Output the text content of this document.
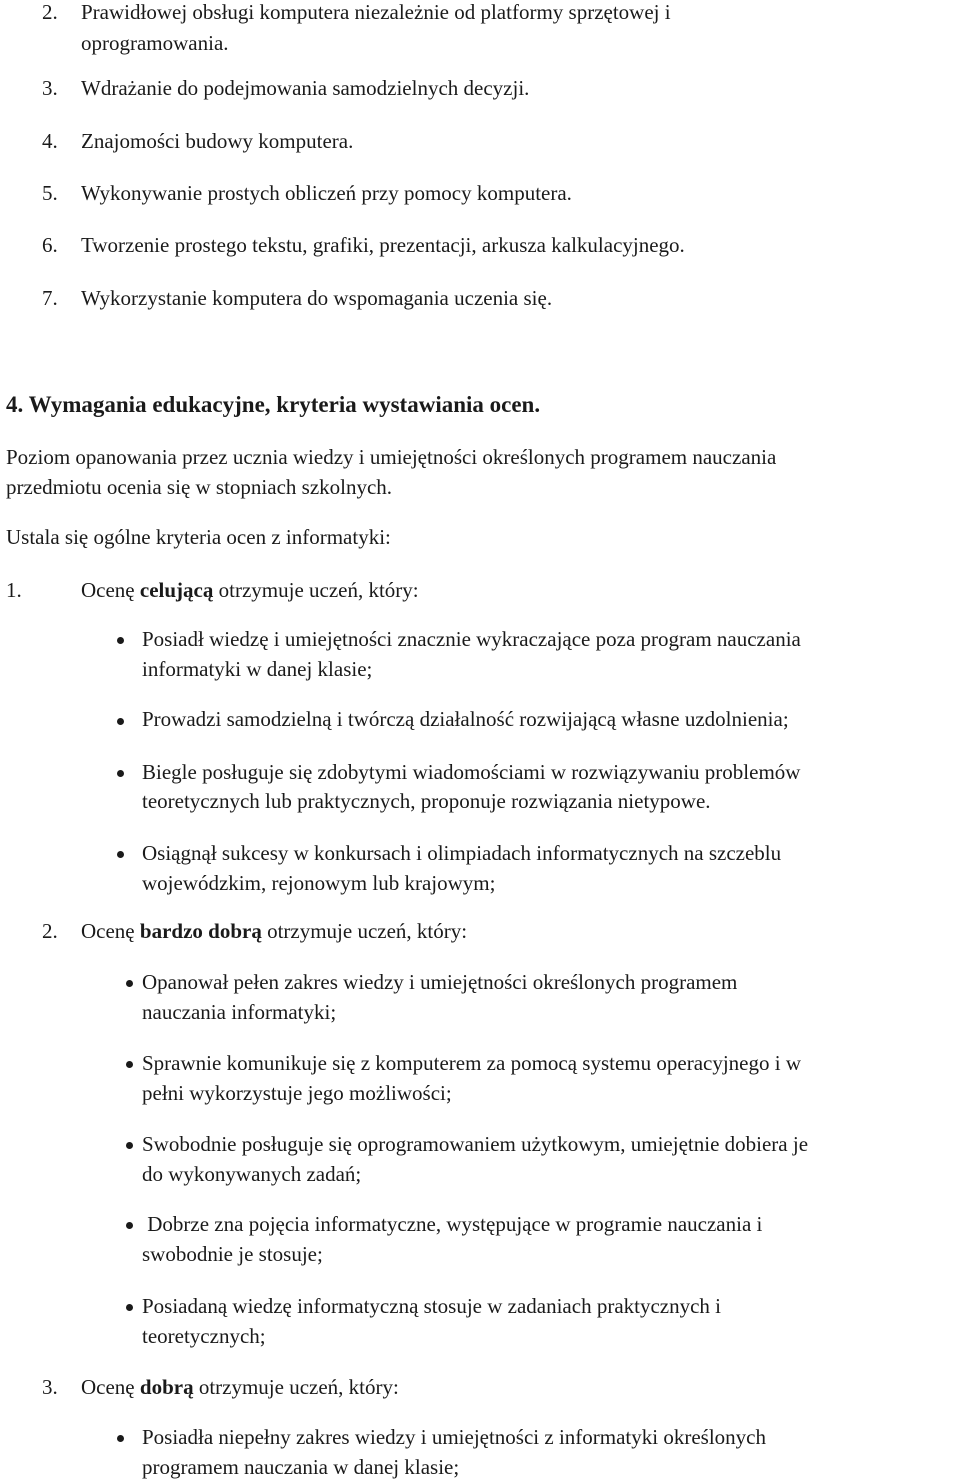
2. Prawidłowej obsługi komputera niezależnie od platformy sprzętowej i
oprogramowania.
3. Wdrażanie do podejmowania samodzielnych decyzji.
4. Znajomości budowy komputera.
5. Wykonywanie prostych obliczeń przy pomocy komputera.
6. Tworzenie prostego tekstu, grafiki, prezentacji, arkusza kalkulacyjnego.
7. Wykorzystanie komputera do wspomagania uczenia się.
4. Wymagania edukacyjne, kryteria wystawiania ocen.
Poziom opanowania przez ucznia wiedzy i umiejętności określonych programem nauczania
przedmiotu ocenia się w stopniach szkolnych.
Ustala się ogólne kryteria ocen z informatyki:
1.	Ocenę celującą otrzymuje uczeń, który:
Posiadł wiedzę i umiejętności znacznie wykraczające poza program nauczania
informatyki w danej klasie;
Prowadzi samodzielną i twórczą działalność rozwijającą własne uzdolnienia;
Biegle posługuje się zdobytymi wiadomościami w rozwiązywaniu problemów
teoretycznych lub praktycznych, proponuje rozwiązania nietypowe.
Osiągnął sukcesy w konkursach i olimpiadach informatycznych na szczeblu
wojewódzkim, rejonowym lub krajowym;
2. Ocenę bardzo dobrą otrzymuje uczeń, który:
Opanował pełen zakres wiedzy i umiejętności określonych programem
nauczania informatyki;
Sprawnie komunikuje się z komputerem za pomocą systemu operacyjnego i w
pełni wykorzystuje jego możliwości;
Swobodnie posługuje się oprogramowaniem użytkowym, umiejętnie dobiera je
do wykonywanych zadań;
Dobrze zna pojęcia informatyczne, występujące w programie nauczania i
swobodnie je stosuje;
Posiadaną wiedzę informatyczną stosuje w zadaniach praktycznych i
teoretycznych;
3. Ocenę dobrą otrzymuje uczeń, który:
Posiadła niepełny zakres wiedzy i umiejętności z informatyki określonych
programem nauczania w danej klasie;
